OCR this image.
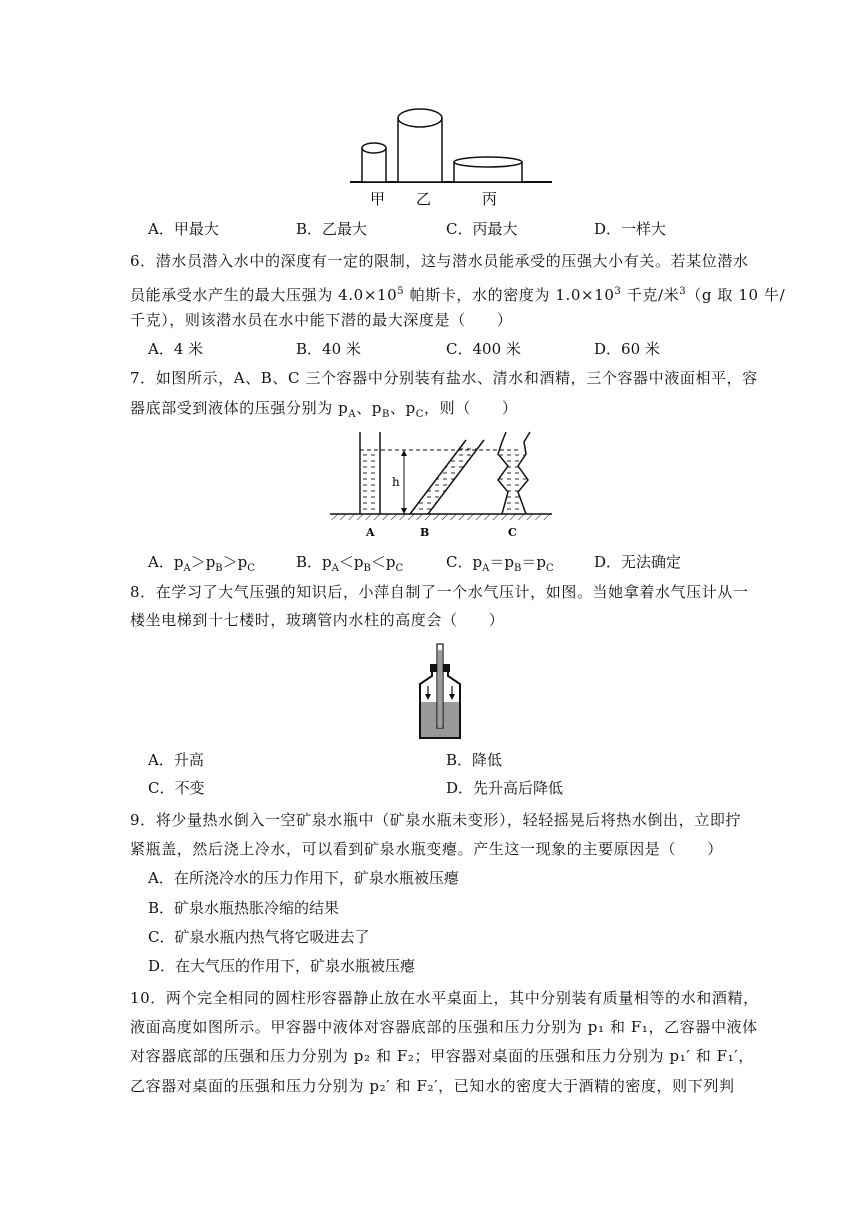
甲 乙	丙
A．甲最大	B．乙最大	C．丙最大	D．一样大
6．潜水员潜入水中的深度有一定的限制，这与潜水员能承受的压强大小有关。若某位潜水
员能承受水产生的最大压强为 $4.0\times 10^5$ 帕斯卡，水的密度为 $1.0\times 10^3$ 千克/米$^3$（g 取 10 牛/
千克），则该潜水员在水中能下潜的最大深度是（　　）
A．4 米	B．40 米	C．400 米	D．60 米
7．如图所示，A、B、C 三个容器中分别装有盐水、清水和酒精，三个容器中液面相平，容
器底部受到液体的压强分别为 $p_A$、$p_B$、$p_C$，则（　　）
h
A	B	C
A．$p_A>p_B>p_C$	B．$p_A<p_B<p_C$	C．$p_A=p_B=p_C$	D．无法确定
8．在学习了大气压强的知识后，小萍自制了一个水气压计，如图。当她拿着水气压计从一
楼坐电梯到十七楼时，玻璃管内水柱的高度会（　　）
A．升高	B．降低
C．不变	D．先升高后降低
9．将少量热水倒入一空矿泉水瓶中（矿泉水瓶未变形），轻轻摇晃后将热水倒出，立即拧
紧瓶盖，然后浇上冷水，可以看到矿泉水瓶变瘪。产生这一现象的主要原因是（　　）
A．在所浇冷水的压力作用下，矿泉水瓶被压瘪
B．矿泉水瓶热胀冷缩的结果
C．矿泉水瓶内热气将它吸进去了
D．在大气压的作用下，矿泉水瓶被压瘪
10．两个完全相同的圆柱形容器静止放在水平桌面上，其中分别装有质量相等的水和酒精，
液面高度如图所示。甲容器中液体对容器底部的压强和压力分别为 p₁ 和 F₁，乙容器中液体
对容器底部的压强和压力分别为 p₂ 和 F₂；甲容器对桌面的压强和压力分别为 p₁′ 和 F₁′，
乙容器对桌面的压强和压力分别为 p₂′ 和 F₂′，已知水的密度大于酒精的密度，则下列判
